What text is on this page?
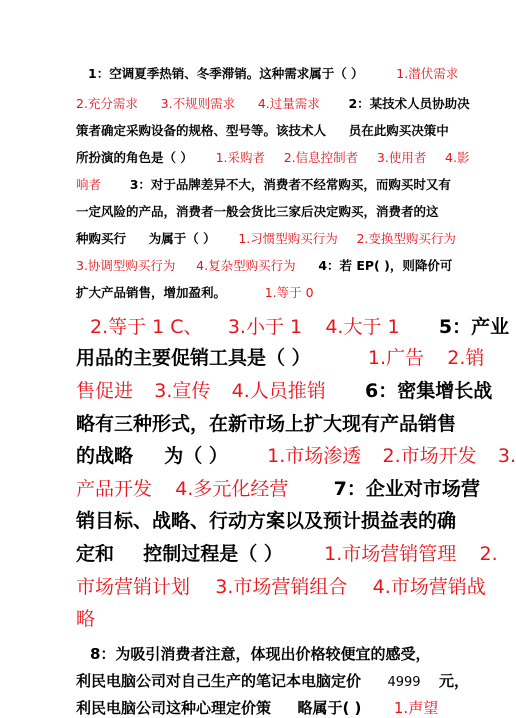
1：空调夏季热销、冬季滞销。这种需求属于（ ）	1.潜伏需求
2.充分需求 3.不规则需求 4.过量需求 2：某技术人员协助决
策者确定采购设备的规格、型号等。该技术人 员在此购买决策中
所扮演的角色是（ ） 1.采购者 2.信息控制者 3.使用者 4.影
响者 3：对于品牌差异不大，消费者不经常购买，而购买时又有
一定风险的产品，消费者一般会货比三家后决定购买，消费者的这
种购买行 为属于（ ） 1.习惯型购买行为 2.变换型购买行为
3.协调型购买行为 4.复杂型购买行为 4：若 EP( )，则降价可
扩大产品销售，增加盈利。	1.等于 0
2.等于 1 C、 3.小于 1 4.大于 1 5：产业
用品的主要促销工具是（ ）	1.广告 2.销
售促进 3.宣传 4.人员推销 6：密集增长战
略有三种形式，在新市场上扩大现有产品销售
的战略 为（ ） 1.市场渗透 2.市场开发 3.
产品开发 4.多元化经营 7：企业对市场营
销目标、战略、行动方案以及预计损益表的确
定和 控制过程是（ ） 1.市场营销管理 2.
市场营销计划 3.市场营销组合 4.市场营销战
略
8：为吸引消费者注意，体现出价格较便宜的感受，
利民电脑公司对自己生产的笔记本电脑定价 4999 元，
利民电脑公司这种心理定价策 略属于( ) 1.声望
